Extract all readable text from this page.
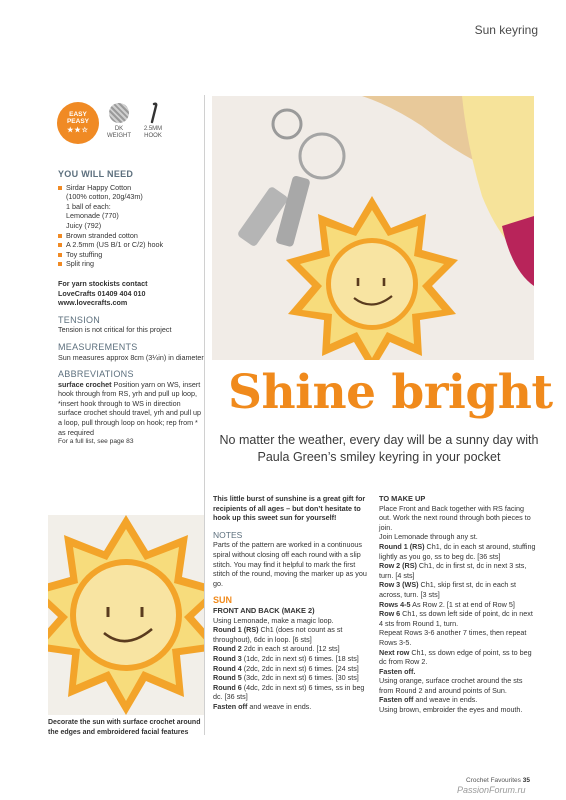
Sun keyring
EASY
PEASY
★★☆	DK
WEIGHT
2.5MM
HOOK

YOU WILL NEED

Sirdar Happy Cotton
(100% cotton, 20g/43m)
1 ball of each:
Lemonade (770)
Juicy (792)
Brown stranded cotton
A 2.5mm (US B/1 or C/2) hook
Toy stuffing
Split ring

For yarn stockists contact

LoveCrafts 01409 404 010

www.lovecrafts.com

TENSION

Tension is not critical for this project

MEASUREMENTS

Sun measures approx 8cm (3¼in) in diameter

ABBREVIATIONS

surface crochet Position yarn on WS, insert hook through from RS, yrh and pull up loop, *insert hook through to WS in direction surface crochet should travel, yrh and pull up a loop, pull through loop on hook; rep from * as required

For a full list, see page 83

Shine bright
No matter the weather, every day will be a sunny day with Paula Green’s smiley keyring in your pocket

This little burst of sunshine is a great gift for recipients of all ages – but don’t hesitate to hook up this sweet sun for yourself!

NOTES

Parts of the pattern are worked in a continuous spiral without closing off each round with a slip stitch. You may find it helpful to mark the first stitch of the round, moving the marker up as you go.

SUN

FRONT AND BACK (MAKE 2)

Using Lemonade, make a magic loop.

Round 1 (RS) Ch1 (does not count as st throughout), 6dc in loop. [6 sts]

Round 2 2dc in each st around. [12 sts]

Round 3 (1dc, 2dc in next st) 6 times. [18 sts]

Round 4 (2dc, 2dc in next st) 6 times. [24 sts]

Round 5 (3dc, 2dc in next st) 6 times. [30 sts]

Round 6 (4dc, 2dc in next st) 6 times, ss in beg dc. [36 sts]

Fasten off and weave in ends.

TO MAKE UP

Place Front and Back together with RS facing out. Work the next round through both pieces to join.

Join Lemonade through any st.

Round 1 (RS) Ch1, dc in each st around, stuffing lightly as you go, ss to beg dc. [36 sts]

Row 2 (RS) Ch1, dc in first st, dc in next 3 sts, turn. [4 sts]

Row 3 (WS) Ch1, skip first st, dc in each st across, turn. [3 sts]

Rows 4-5 As Row 2. [1 st at end of Row 5]

Row 6 Ch1, ss down left side of point, dc in next 4 sts from Round 1, turn.

Repeat Rows 3-6 another 7 times, then repeat Rows 3-5.

Next row Ch1, ss down edge of point, ss to beg dc from Row 2.

Fasten off.

Using orange, surface crochet around the sts from Round 2 and around points of Sun.

Fasten off and weave in ends.

Using brown, embroider the eyes and mouth.

Decorate the sun with surface crochet around the edges and embroidered facial features
Crochet Favourites 35
PassionForum.ru
